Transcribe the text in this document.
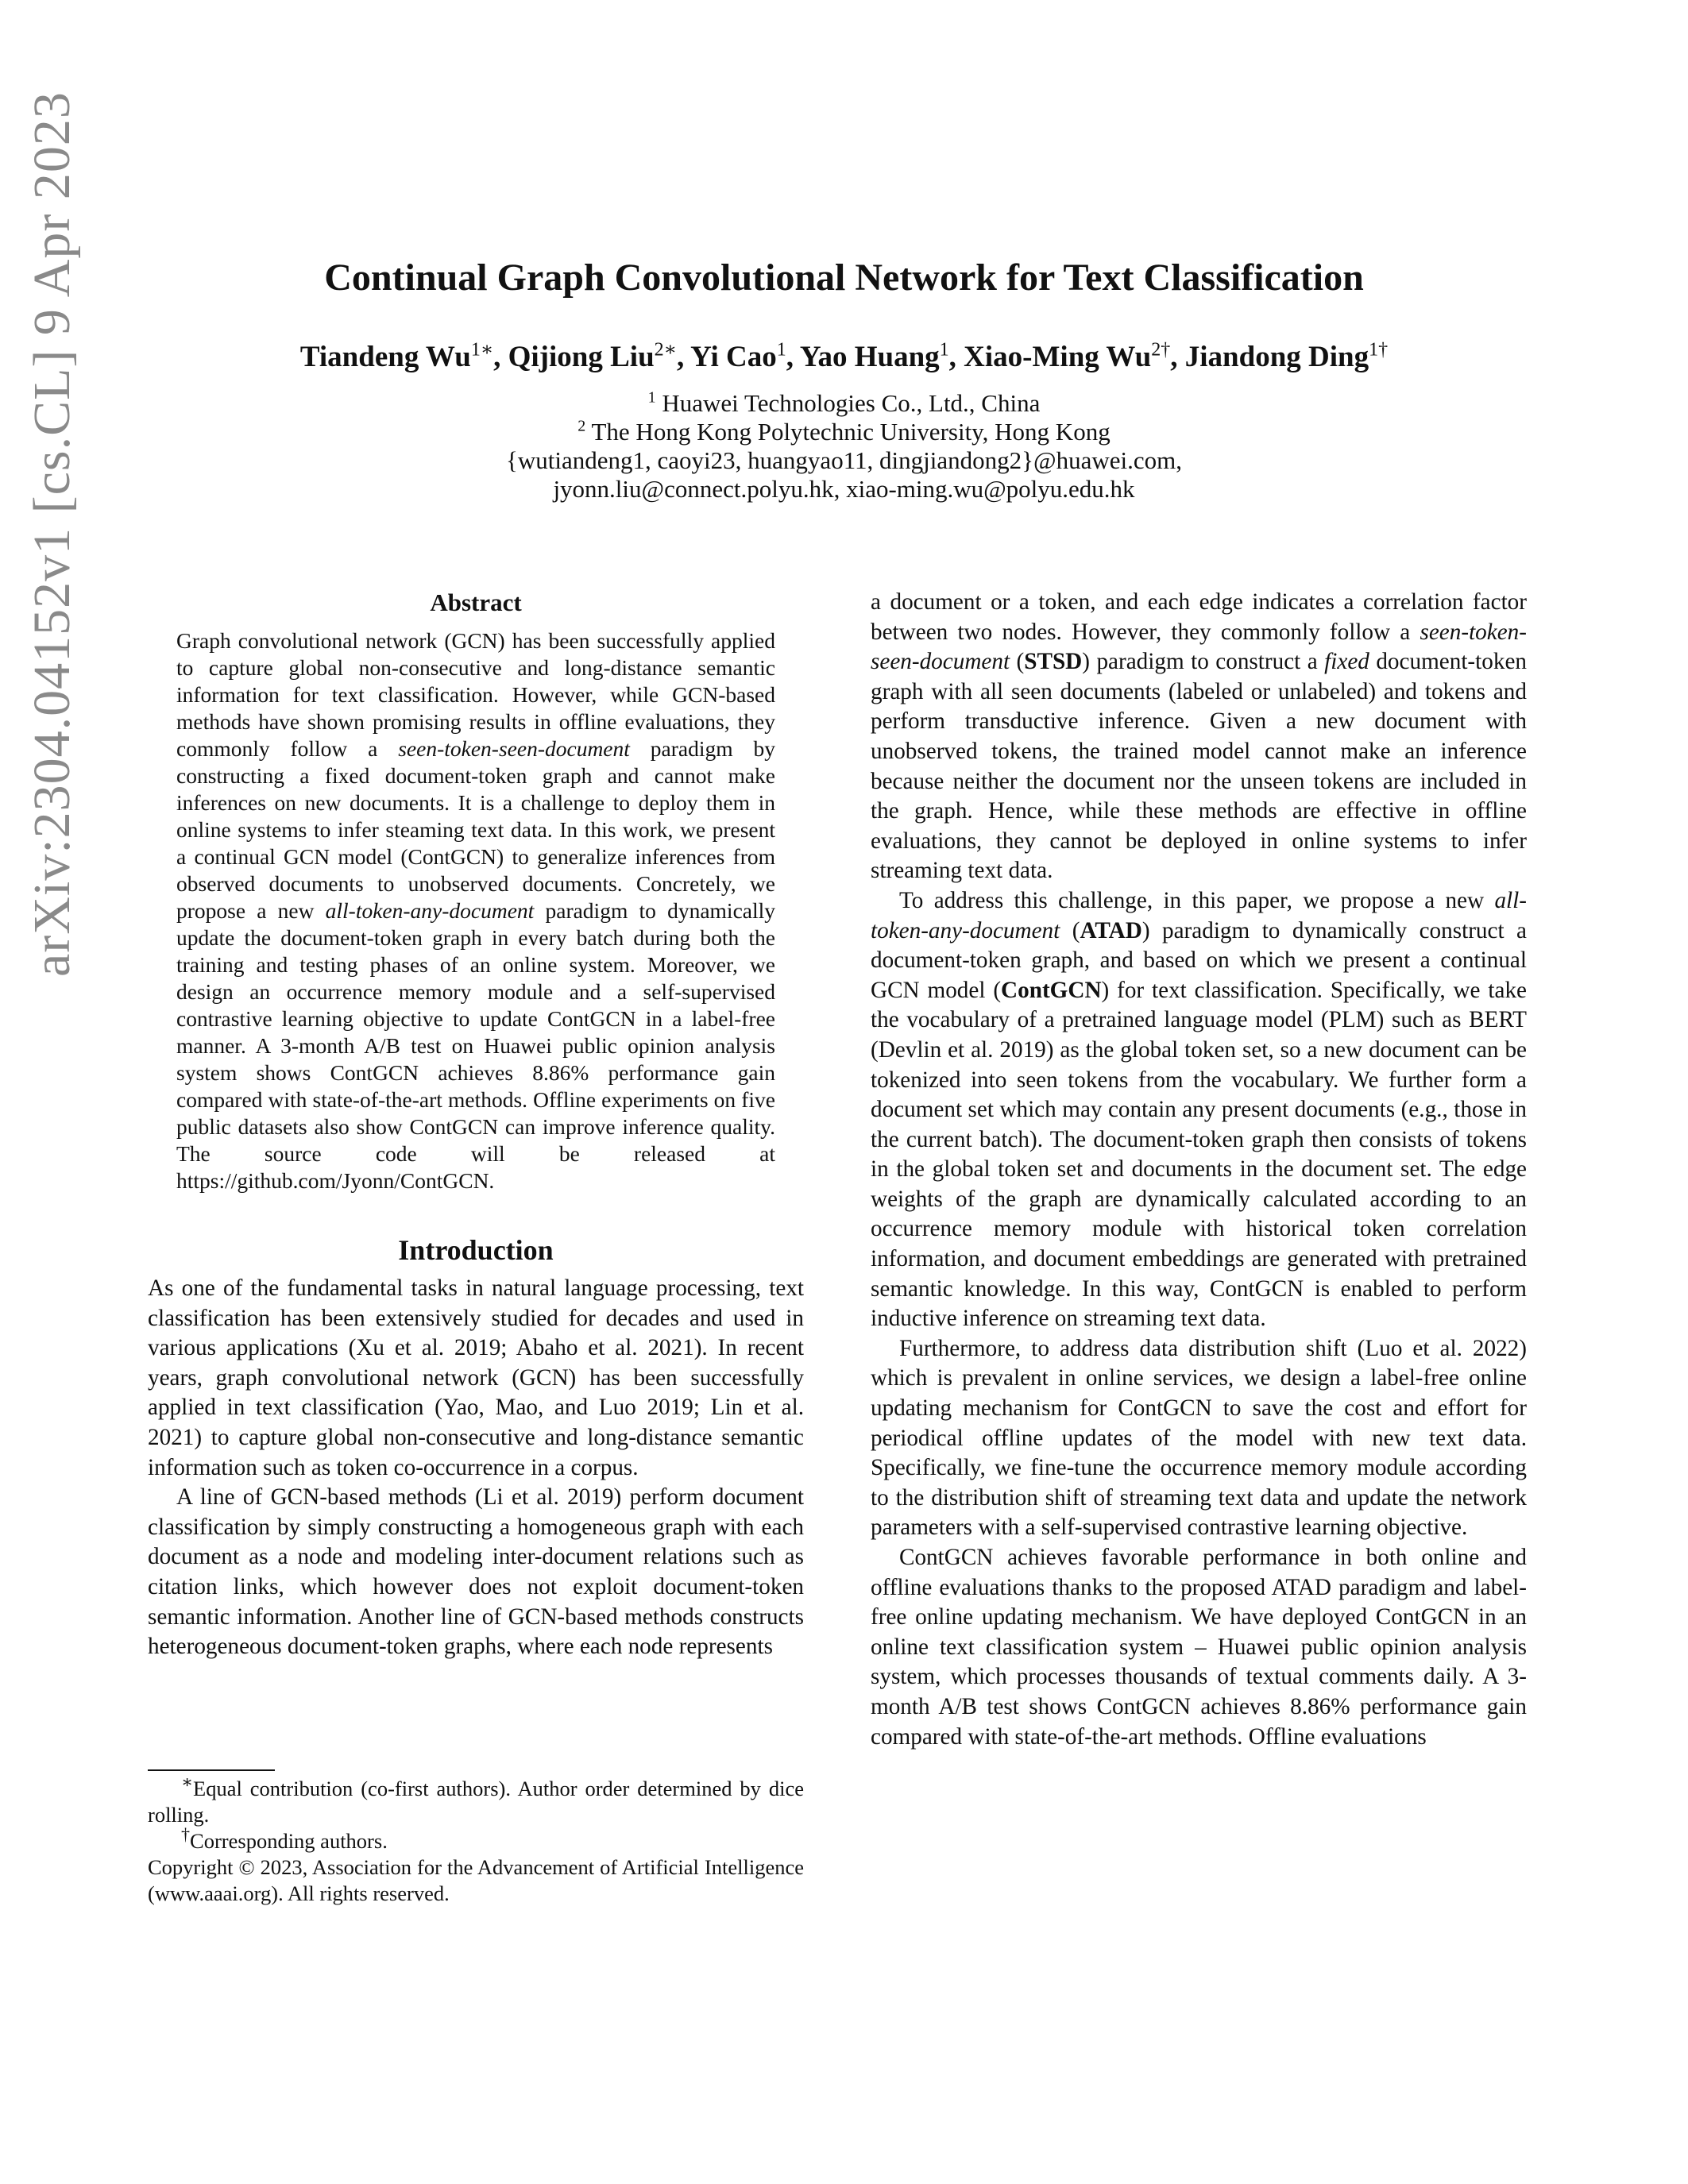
arXiv:2304.04152v1 [cs.CL] 9 Apr 2023	Continual Graph Convolutional Network for Text Classification
Tiandeng $Wu^{1∗}$, Qijiong Liu$^{2∗}$, Yi Cao$^1$, Yao Huang$^1$, Xiao-Ming $Wu^{2\dagger}$, Jiandong Ding$^{1\dagger}$
$^1$ Huawei Technologies Co., Ltd., China
$^2$ The Hong Kong Polytechnic University, Hong Kong
{wutiandeng1, caoyi23, huangyao11, dingjiandong2}@huawei.com,
jyonn.liu@connect.polyu.hk, xiao-ming.wu@polyu.edu.hk
Abstract

Graph convolutional network (GCN) has been successfully applied to capture global non-consecutive and long-distance semantic information for text classification. However, while GCN-based methods have shown promising results in offline evaluations, they commonly follow a seen-token-seen-document paradigm by constructing a fixed document-token graph and cannot make inferences on new documents. It is a challenge to deploy them in online systems to infer steaming text data. In this work, we present a continual GCN model (ContGCN) to generalize inferences from observed documents to unobserved documents. Concretely, we propose a new all-token-any-document paradigm to dynamically update the document-token graph in every batch during both the training and testing phases of an online system. Moreover, we design an occurrence memory module and a self-supervised contrastive learning objective to update ContGCN in a label-free manner. A 3-month A/B test on Huawei public opinion analysis system shows ContGCN achieves 8.86% performance gain compared with state-of-the-art methods. Offline experiments on five public datasets also show ContGCN can improve inference quality. The source code will be released at https://github.com/Jyonn/ContGCN.

Introduction

As one of the fundamental tasks in natural language processing, text classification has been extensively studied for decades and used in various applications (Xu et al. 2019; Abaho et al. 2021). In recent years, graph convolutional network (GCN) has been successfully applied in text classification (Yao, Mao, and Luo 2019; Lin et al. 2021) to capture global non-consecutive and long-distance semantic information such as token co-occurrence in a corpus.

A line of GCN-based methods (Li et al. 2019) perform document classification by simply constructing a homogeneous graph with each document as a node and modeling inter-document relations such as citation links, which however does not exploit document-token semantic information. Another line of GCN-based methods constructs heterogeneous document-token graphs, where each node represents

∗Equal contribution (co-first authors). Author order determined by dice rolling.
†Corresponding authors.
Copyright © 2023, Association for the Advancement of Artificial Intelligence (www.aaai.org). All rights reserved.

a document or a token, and each edge indicates a correlation factor between two nodes. However, they commonly follow a seen-token-seen-document (STSD) paradigm to construct a fixed document-token graph with all seen documents (labeled or unlabeled) and tokens and perform transductive inference. Given a new document with unobserved tokens, the trained model cannot make an inference because neither the document nor the unseen tokens are included in the graph. Hence, while these methods are effective in offline evaluations, they cannot be deployed in online systems to infer streaming text data.

To address this challenge, in this paper, we propose a new all-token-any-document (ATAD) paradigm to dynamically construct a document-token graph, and based on which we present a continual GCN model (ContGCN) for text classification. Specifically, we take the vocabulary of a pretrained language model (PLM) such as BERT (Devlin et al. 2019) as the global token set, so a new document can be tokenized into seen tokens from the vocabulary. We further form a document set which may contain any present documents (e.g., those in the current batch). The document-token graph then consists of tokens in the global token set and documents in the document set. The edge weights of the graph are dynamically calculated according to an occurrence memory module with historical token correlation information, and document embeddings are generated with pretrained semantic knowledge. In this way, ContGCN is enabled to perform inductive inference on streaming text data.

Furthermore, to address data distribution shift (Luo et al. 2022) which is prevalent in online services, we design a label-free online updating mechanism for ContGCN to save the cost and effort for periodical offline updates of the model with new text data. Specifically, we fine-tune the occurrence memory module according to the distribution shift of streaming text data and update the network parameters with a self-supervised contrastive learning objective.

ContGCN achieves favorable performance in both online and offline evaluations thanks to the proposed ATAD paradigm and label-free online updating mechanism. We have deployed ContGCN in an online text classification system – Huawei public opinion analysis system, which processes thousands of textual comments daily. A 3-month A/B test shows ContGCN achieves 8.86% performance gain compared with state-of-the-art methods. Offline evaluations
